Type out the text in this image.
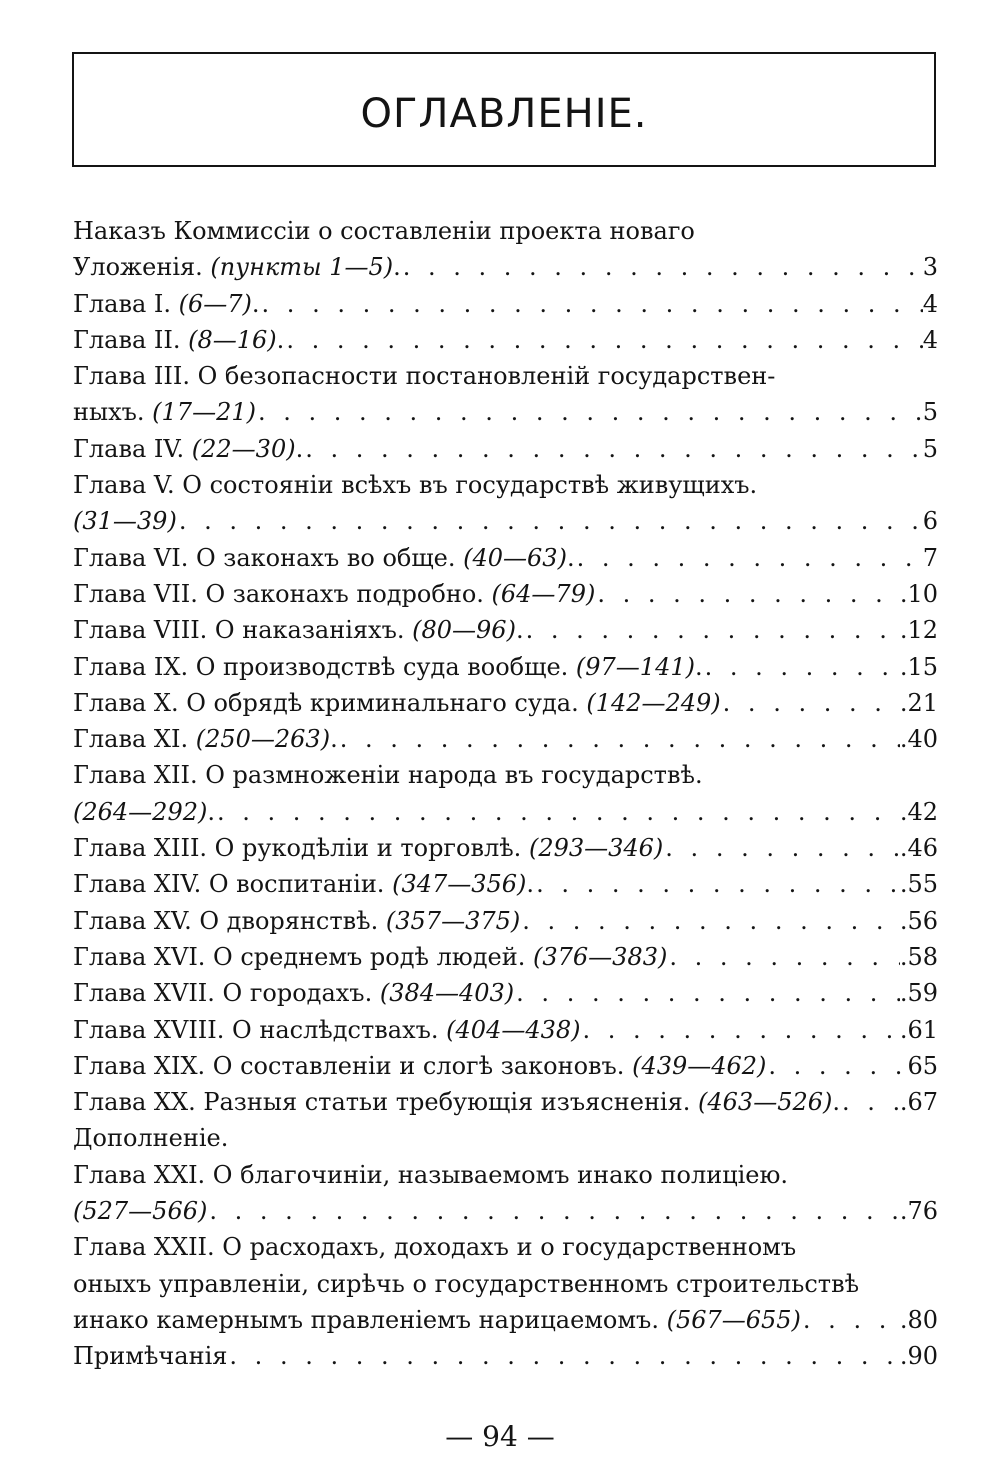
ОГЛАВЛЕНІЕ.
Наказъ Коммиссіи о составленіи проекта новаго
Уложенія. (пункты 1—5). . . .	3
Глава I. (6—7). . . .	4
Глава II. (8—16). . . .	4
Глава III. О безопасности постановленій государствен-
ныхъ. (17—21) . . .	5
Глава IV. (22—30). . . .	5
Глава V. О состояніи всѣхъ въ государствѣ живущихъ.
(31—39) . . .	6
Глава VI. О законахъ во обще. (40—63). . . .	7
Глава VII. О законахъ подробно. (64—79) . . .	.10
Глава VIII. О наказаніяхъ. (80—96). . . .	.12
Глава IX. О производствѣ суда вообще. (97—141). . . .	.15
Глава X. О обрядѣ криминальнаго суда. (142—249) . . .	.21
Глава XI. (250—263). . . .	.40
Глава XII. О размноженіи народа въ государствѣ.
(264—292). . . .	.42
Глава XIII. О рукодѣліи и торговлѣ. (293—346) . . .	.46
Глава XIV. О воспитаніи. (347—356). . . .	.55
Глава XV. О дворянствѣ. (357—375) . . .	.56
Глава XVI. О среднемъ родѣ людей. (376—383) . . .	.58
Глава XVII. О городахъ. (384—403) . . .	.59
Глава XVIII. О наслѣдствахъ. (404—438) . . .	.61
Глава XIX. О составленіи и слогѣ законовъ. (439—462) . . .	65
Глава XX. Разныя статьи требующія изъясненія. (463—526). . . . .67
Дополненіе.
Глава XXI. О благочиніи, называемомъ инако полиціею.
(527—566) . . .	.76
Глава XXII. О расходахъ, доходахъ и о государственномъ
оныхъ управленіи, сирѣчь о государственномъ строительствѣ
инако камернымъ правленіемъ нарицаемомъ. (567—655) . . .	.80
Примѣчанія . . .	.90
— 94 —
